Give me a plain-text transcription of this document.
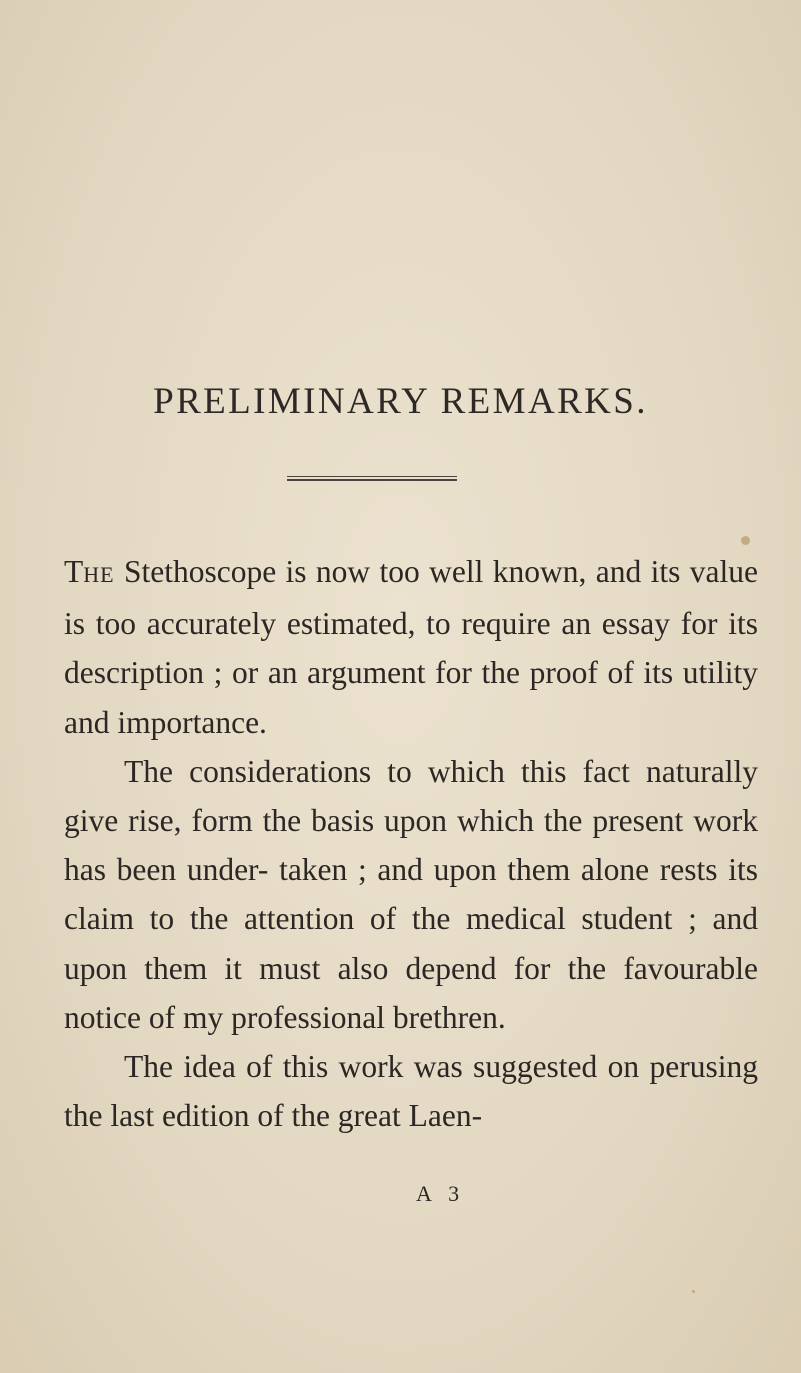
PRELIMINARY REMARKS.

THE Stethoscope is now too well known, and its value is too accurately estimated, to require an essay for its description ; or an argument for the proof of its utility and importance.

The considerations to which this fact naturally give rise, form the basis upon which the present work has been under- taken ; and upon them alone rests its claim to the attention of the medical student ; and upon them it must also depend for the favourable notice of my professional brethren.

The idea of this work was suggested on perusing the last edition of the great Laen-

A 3
